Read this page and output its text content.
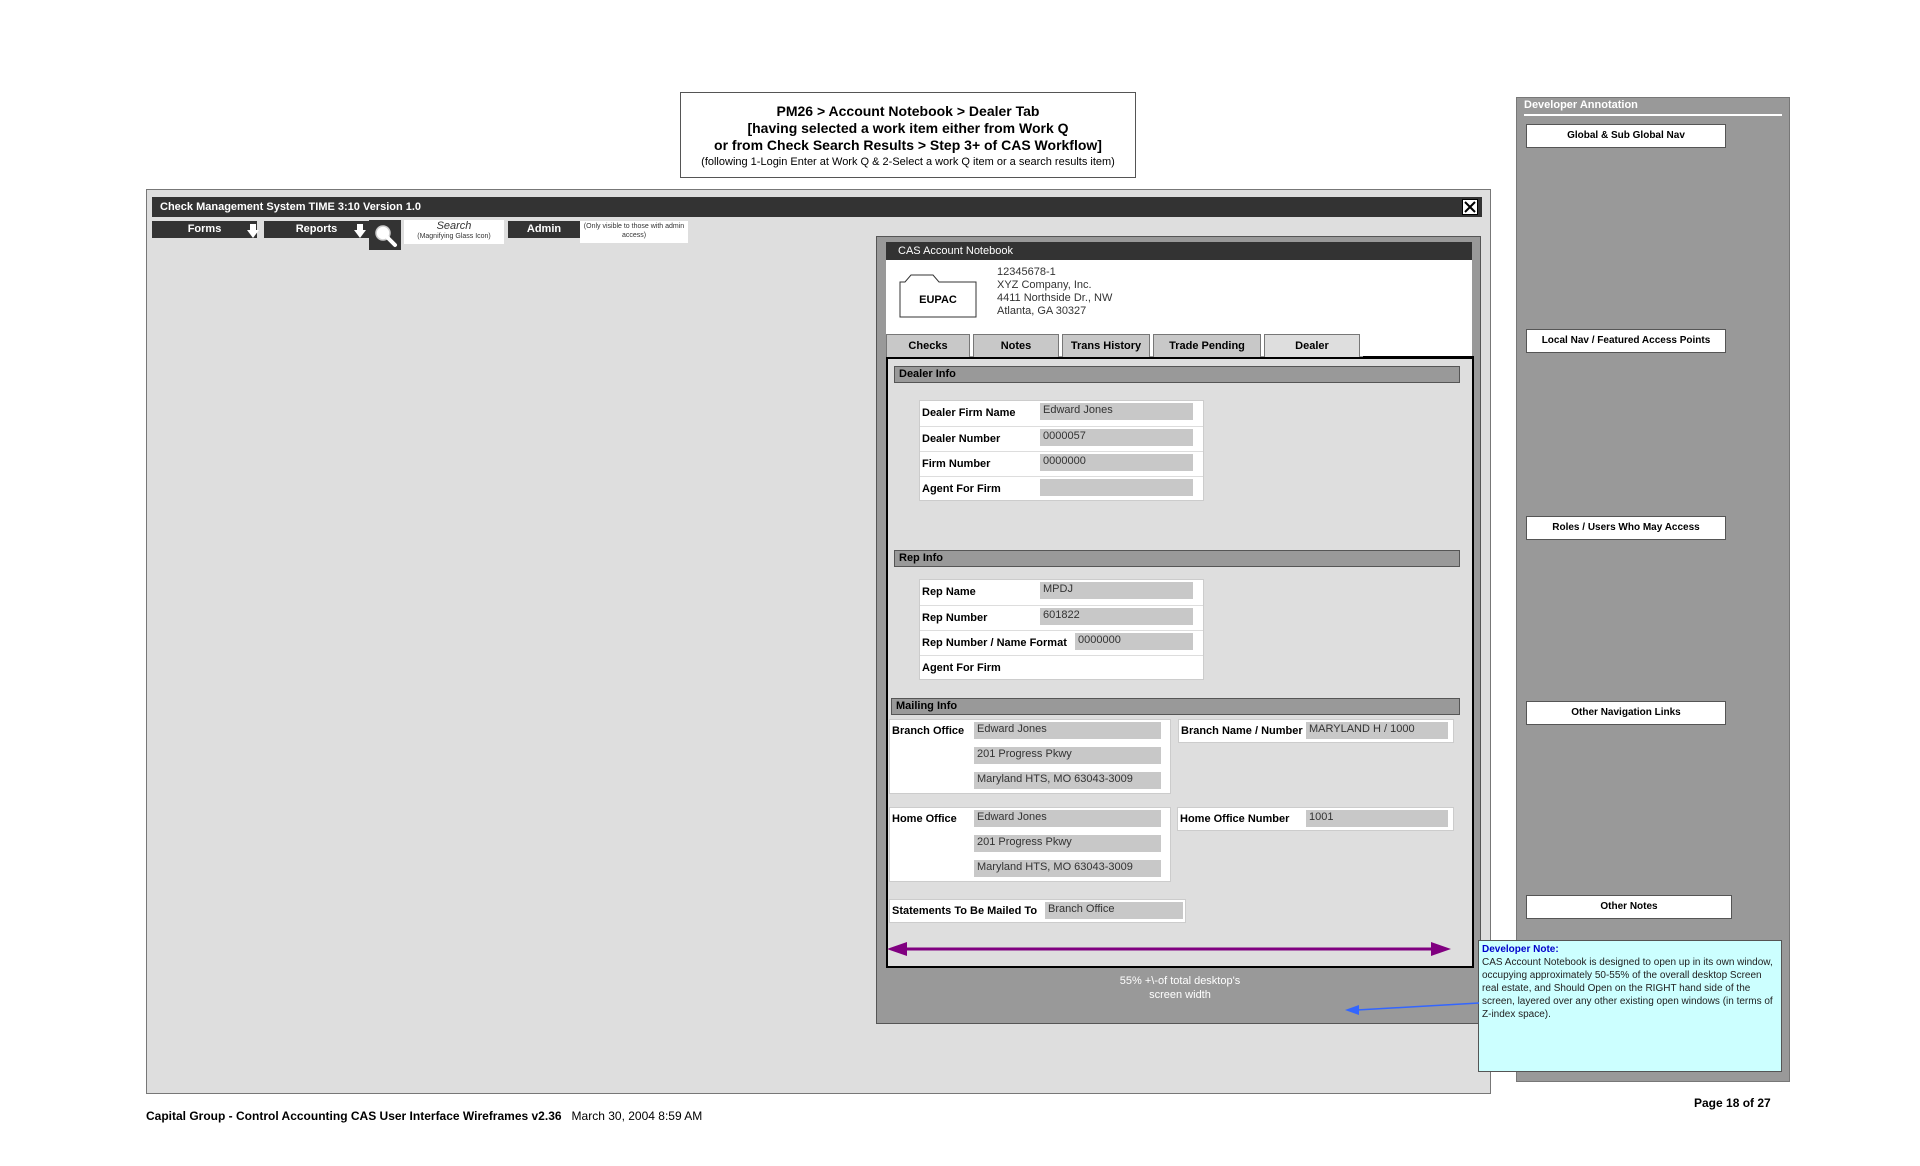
PM26 > Account Notebook > Dealer Tab
[having selected a work item either from Work Q
or from Check Search Results > Step 3+ of CAS Workflow]
(following 1-Login Enter at Work Q & 2-Select a work Q item or a search results item)
Check Management System TIME 3:10 Version 1.0
Forms	Reports	Search
(Magnifying Glass Icon)
Admin	(Only visible to those with admin access)
CAS Account Notebook
EUPAC
12345678-1
XYZ Company, Inc.
4411 Northside Dr., NW
Atlanta, GA 30327
Checks	Notes	Trans History	Trade Pending	Dealer
Dealer Info
Dealer Firm Name Edward Jones
Dealer Number	0000057
Firm Number	0000000
Agent For Firm
Rep Info
Rep Name	MPDJ
Rep Number	601822
Rep Number / Name Format 0000000
Agent For Firm
Mailing Info
Branch Office Edward Jones
201 Progress Pkwy
Maryland HTS, MO 63043-3009
Branch Name / Number MARYLAND H / 1000
Home Office Edward Jones
201 Progress Pkwy
Maryland HTS, MO 63043-3009
Home Office Number 1001
Statements To Be Mailed To Branch Office
55% +\-of total desktop's
screen width
Developer Annotation
Global & Sub Global Nav
Local Nav / Featured Access Points
Roles / Users Who May Access
Other Navigation Links
Other Notes
Developer Note:
CAS Account Notebook is designed to open up in its own window, occupying approximately 50-55% of the overall desktop Screen real estate, and Should Open on the RIGHT hand side of the screen, layered over any other existing open windows (in terms of Z-index space).
Page 18 of 27
Capital Group - Control Accounting CAS User Interface Wireframes v2.36 March 30, 2004 8:59 AM
